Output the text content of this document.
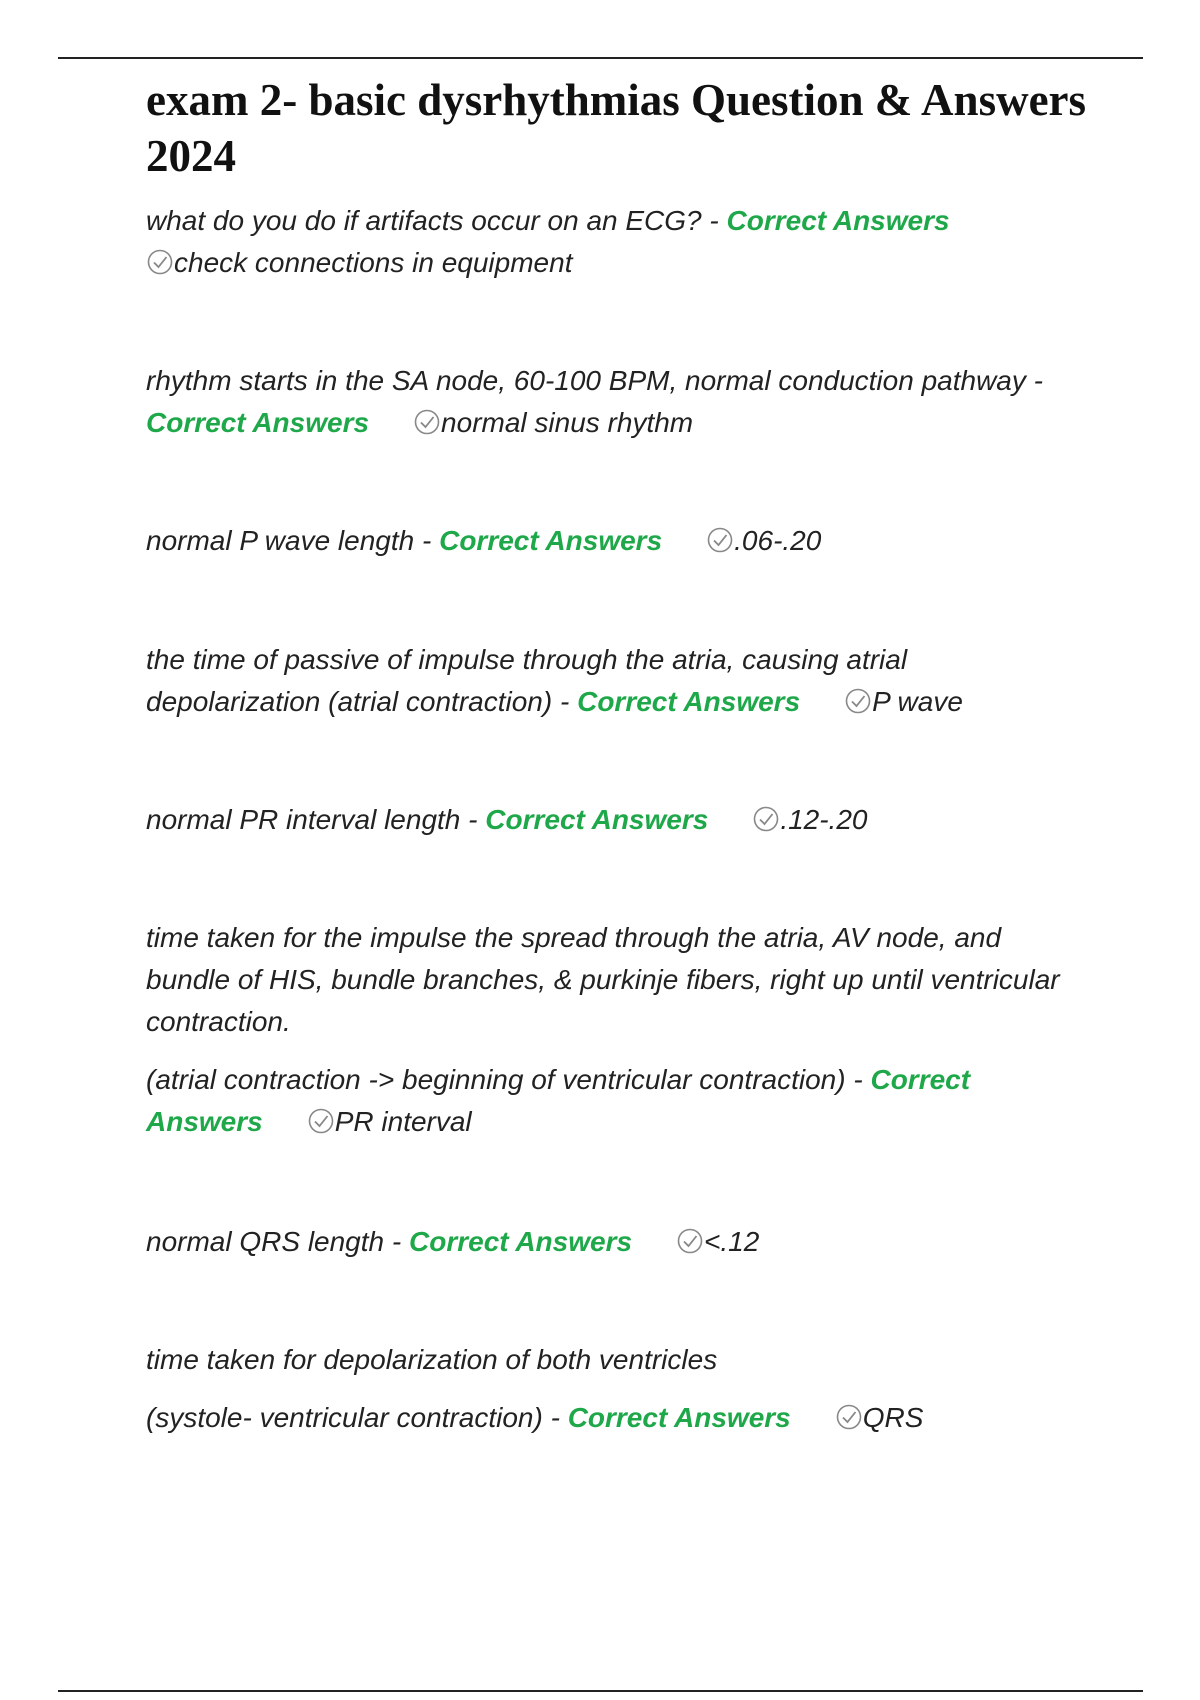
exam 2- basic dysrhythmias Question & Answers 2024

what do you do if artifacts occur on an ECG? - Correct Answers

check connections in equipment

rhythm starts in the SA node, 60-100 BPM, normal conduction pathway - Correct Answers	normal sinus rhythm

normal P wave length - Correct Answers	.06-.20

the time of passive of impulse through the atria, causing atrial depolarization (atrial contraction) - Correct Answers	P wave

normal PR interval length - Correct Answers	.12-.20

time taken for the impulse the spread through the atria, AV node, and bundle of HIS, bundle branches, & purkinje fibers, right up until ventricular contraction.

(atrial contraction -> beginning of ventricular contraction) - Correct Answers	PR interval

normal QRS length - Correct Answers	<.12

time taken for depolarization of both ventricles

(systole- ventricular contraction) - Correct Answers	QRS
